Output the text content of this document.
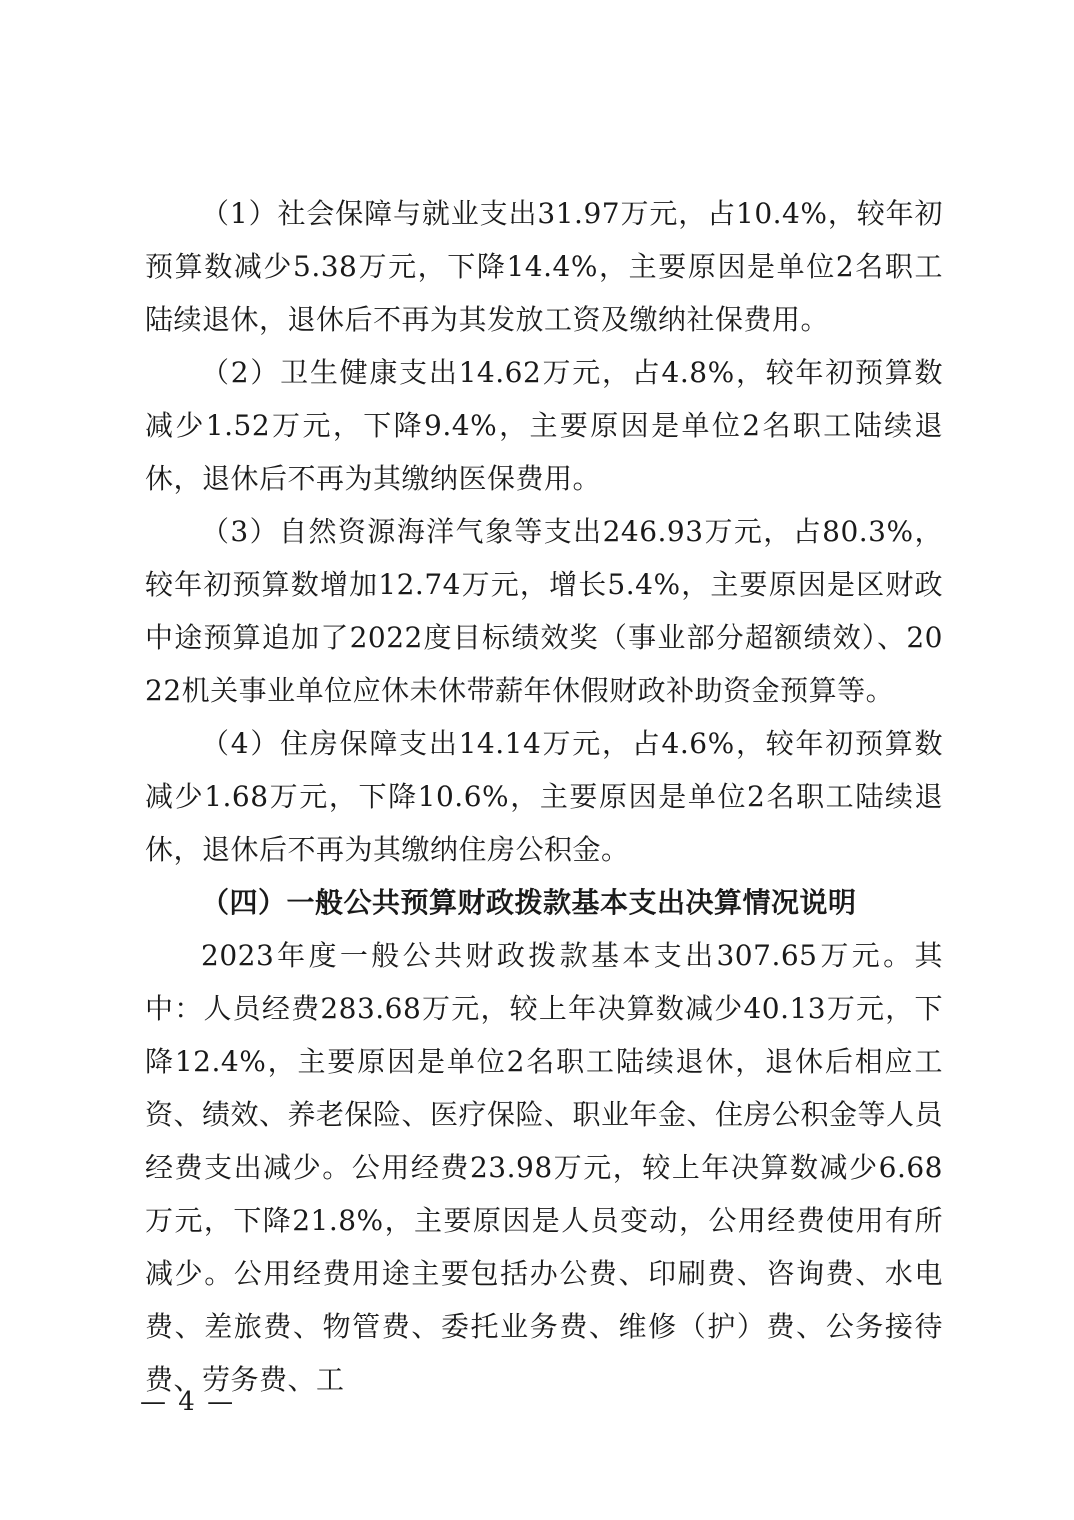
（1）社会保障与就业支出31.97万元，占10.4%，较年初预算数减少5.38万元，下降14.4%，主要原因是单位2名职工陆续退休，退休后不再为其发放工资及缴纳社保费用。

（2）卫生健康支出14.62万元，占4.8%，较年初预算数减少1.52万元，下降9.4%，主要原因是单位2名职工陆续退休，退休后不再为其缴纳医保费用。

（3）自然资源海洋气象等支出246.93万元，占80.3%，较年初预算数增加12.74万元，增长5.4%，主要原因是区财政中途预算追加了2022度目标绩效奖（事业部分超额绩效）、2022机关事业单位应休未休带薪年休假财政补助资金预算等。

（4）住房保障支出14.14万元，占4.6%，较年初预算数减少1.68万元，下降10.6%，主要原因是单位2名职工陆续退休，退休后不再为其缴纳住房公积金。

（四）一般公共预算财政拨款基本支出决算情况说明

2023年度一般公共财政拨款基本支出307.65万元。其中：人员经费283.68万元，较上年决算数减少40.13万元，下降12.4%，主要原因是单位2名职工陆续退休，退休后相应工资、绩效、养老保险、医疗保险、职业年金、住房公积金等人员经费支出减少。公用经费23.98万元，较上年决算数减少6.68万元，下降21.8%，主要原因是人员变动，公用经费使用有所减少。公用经费用途主要包括办公费、印刷费、咨询费、水电费、差旅费、物管费、委托业务费、维修（护）费、公务接待费、劳务费、工

— 4 —
